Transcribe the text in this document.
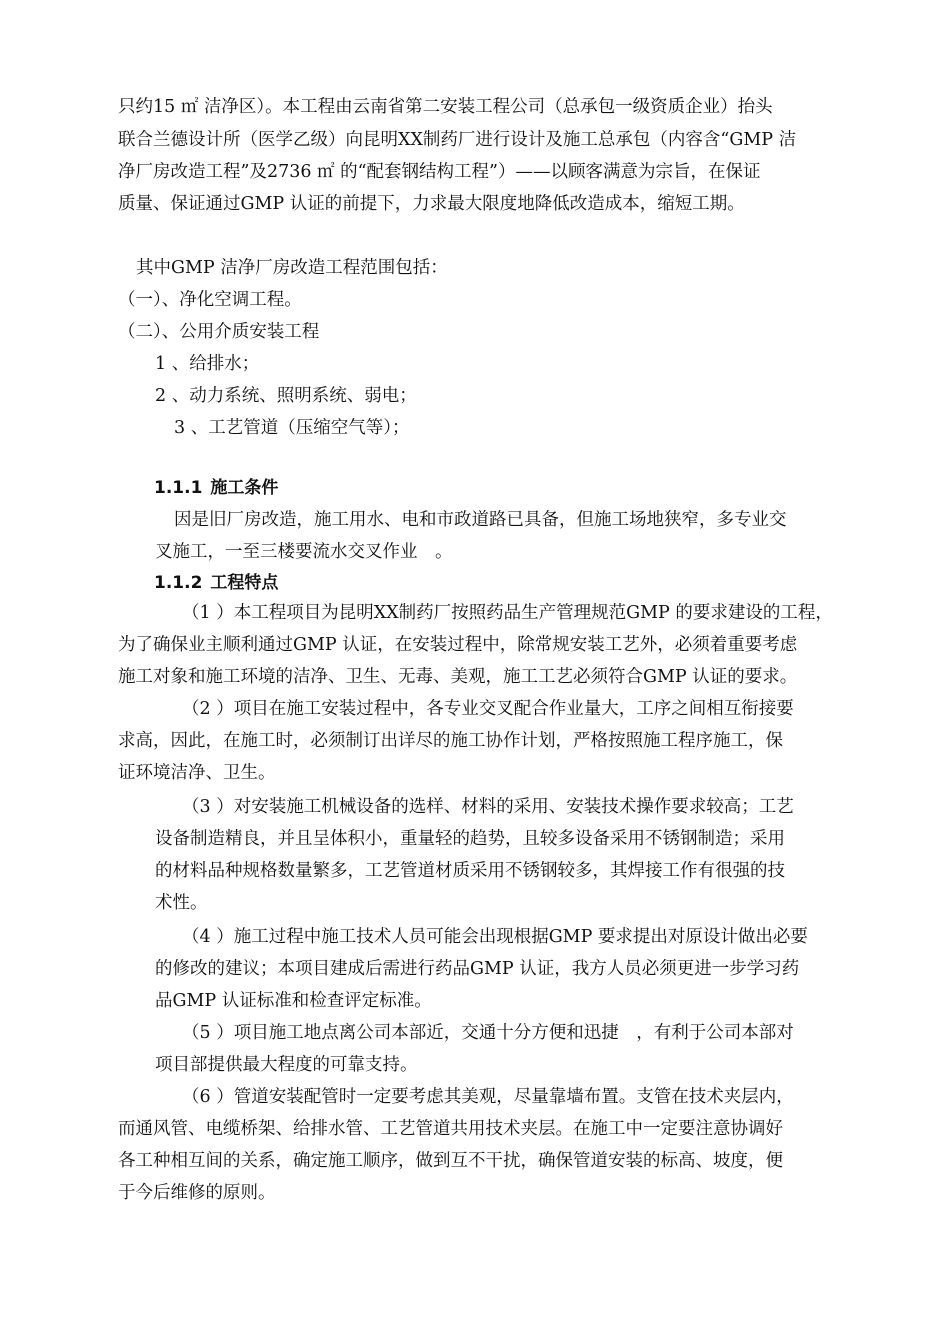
只约15 ㎡ 洁净区）。本工程由云南省第二安装工程公司（总承包一级资质企业）抬头
联合兰德设计所（医学乙级）向昆明XX制药厂进行设计及施工总承包（内容含“GMP 洁
净厂房改造工程”及2736 ㎡ 的“配套钢结构工程”）——以顾客满意为宗旨，在保证
质量、保证通过GMP 认证的前提下，力求最大限度地降低改造成本，缩短工期。
其中GMP 洁净厂房改造工程范围包括：
（一）、净化空调工程。
（二）、公用介质安装工程
1 、给排水；
2 、动力系统、照明系统、弱电；
3 、工艺管道（压缩空气等）；
1.1.1 施工条件
因是旧厂房改造，施工用水、电和市政道路已具备，但施工场地狭窄，多专业交
叉施工，一至三楼要流水交叉作业　。
1.1.2 工程特点
（1 ）本工程项目为昆明XX制药厂按照药品生产管理规范GMP 的要求建设的工程，
为了确保业主顺利通过GMP 认证，在安装过程中，除常规安装工艺外，必须着重要考虑
施工对象和施工环境的洁净、卫生、无毒、美观，施工工艺必须符合GMP 认证的要求。
（2 ）项目在施工安装过程中，各专业交叉配合作业量大，工序之间相互衔接要
求高，因此，在施工时，必须制订出详尽的施工协作计划，严格按照施工程序施工，保
证环境洁净、卫生。
（3 ）对安装施工机械设备的选样、材料的采用、安装技术操作要求较高；工艺
设备制造精良，并且呈体积小，重量轻的趋势，且较多设备采用不锈钢制造；采用
的材料品种规格数量繁多，工艺管道材质采用不锈钢较多，其焊接工作有很强的技
术性。
（4 ）施工过程中施工技术人员可能会出现根据GMP 要求提出对原设计做出必要
的修改的建议；本项目建成后需进行药品GMP 认证，我方人员必须更进一步学习药
品GMP 认证标准和检查评定标准。
（5 ）项目施工地点离公司本部近，交通十分方便和迅捷　，有利于公司本部对
项目部提供最大程度的可靠支持。
（6 ）管道安装配管时一定要考虑其美观，尽量靠墙布置。支管在技术夹层内，
而通风管、电缆桥架、给排水管、工艺管道共用技术夹层。在施工中一定要注意协调好
各工种相互间的关系，确定施工顺序，做到互不干扰，确保管道安装的标高、坡度，便
于今后维修的原则。
